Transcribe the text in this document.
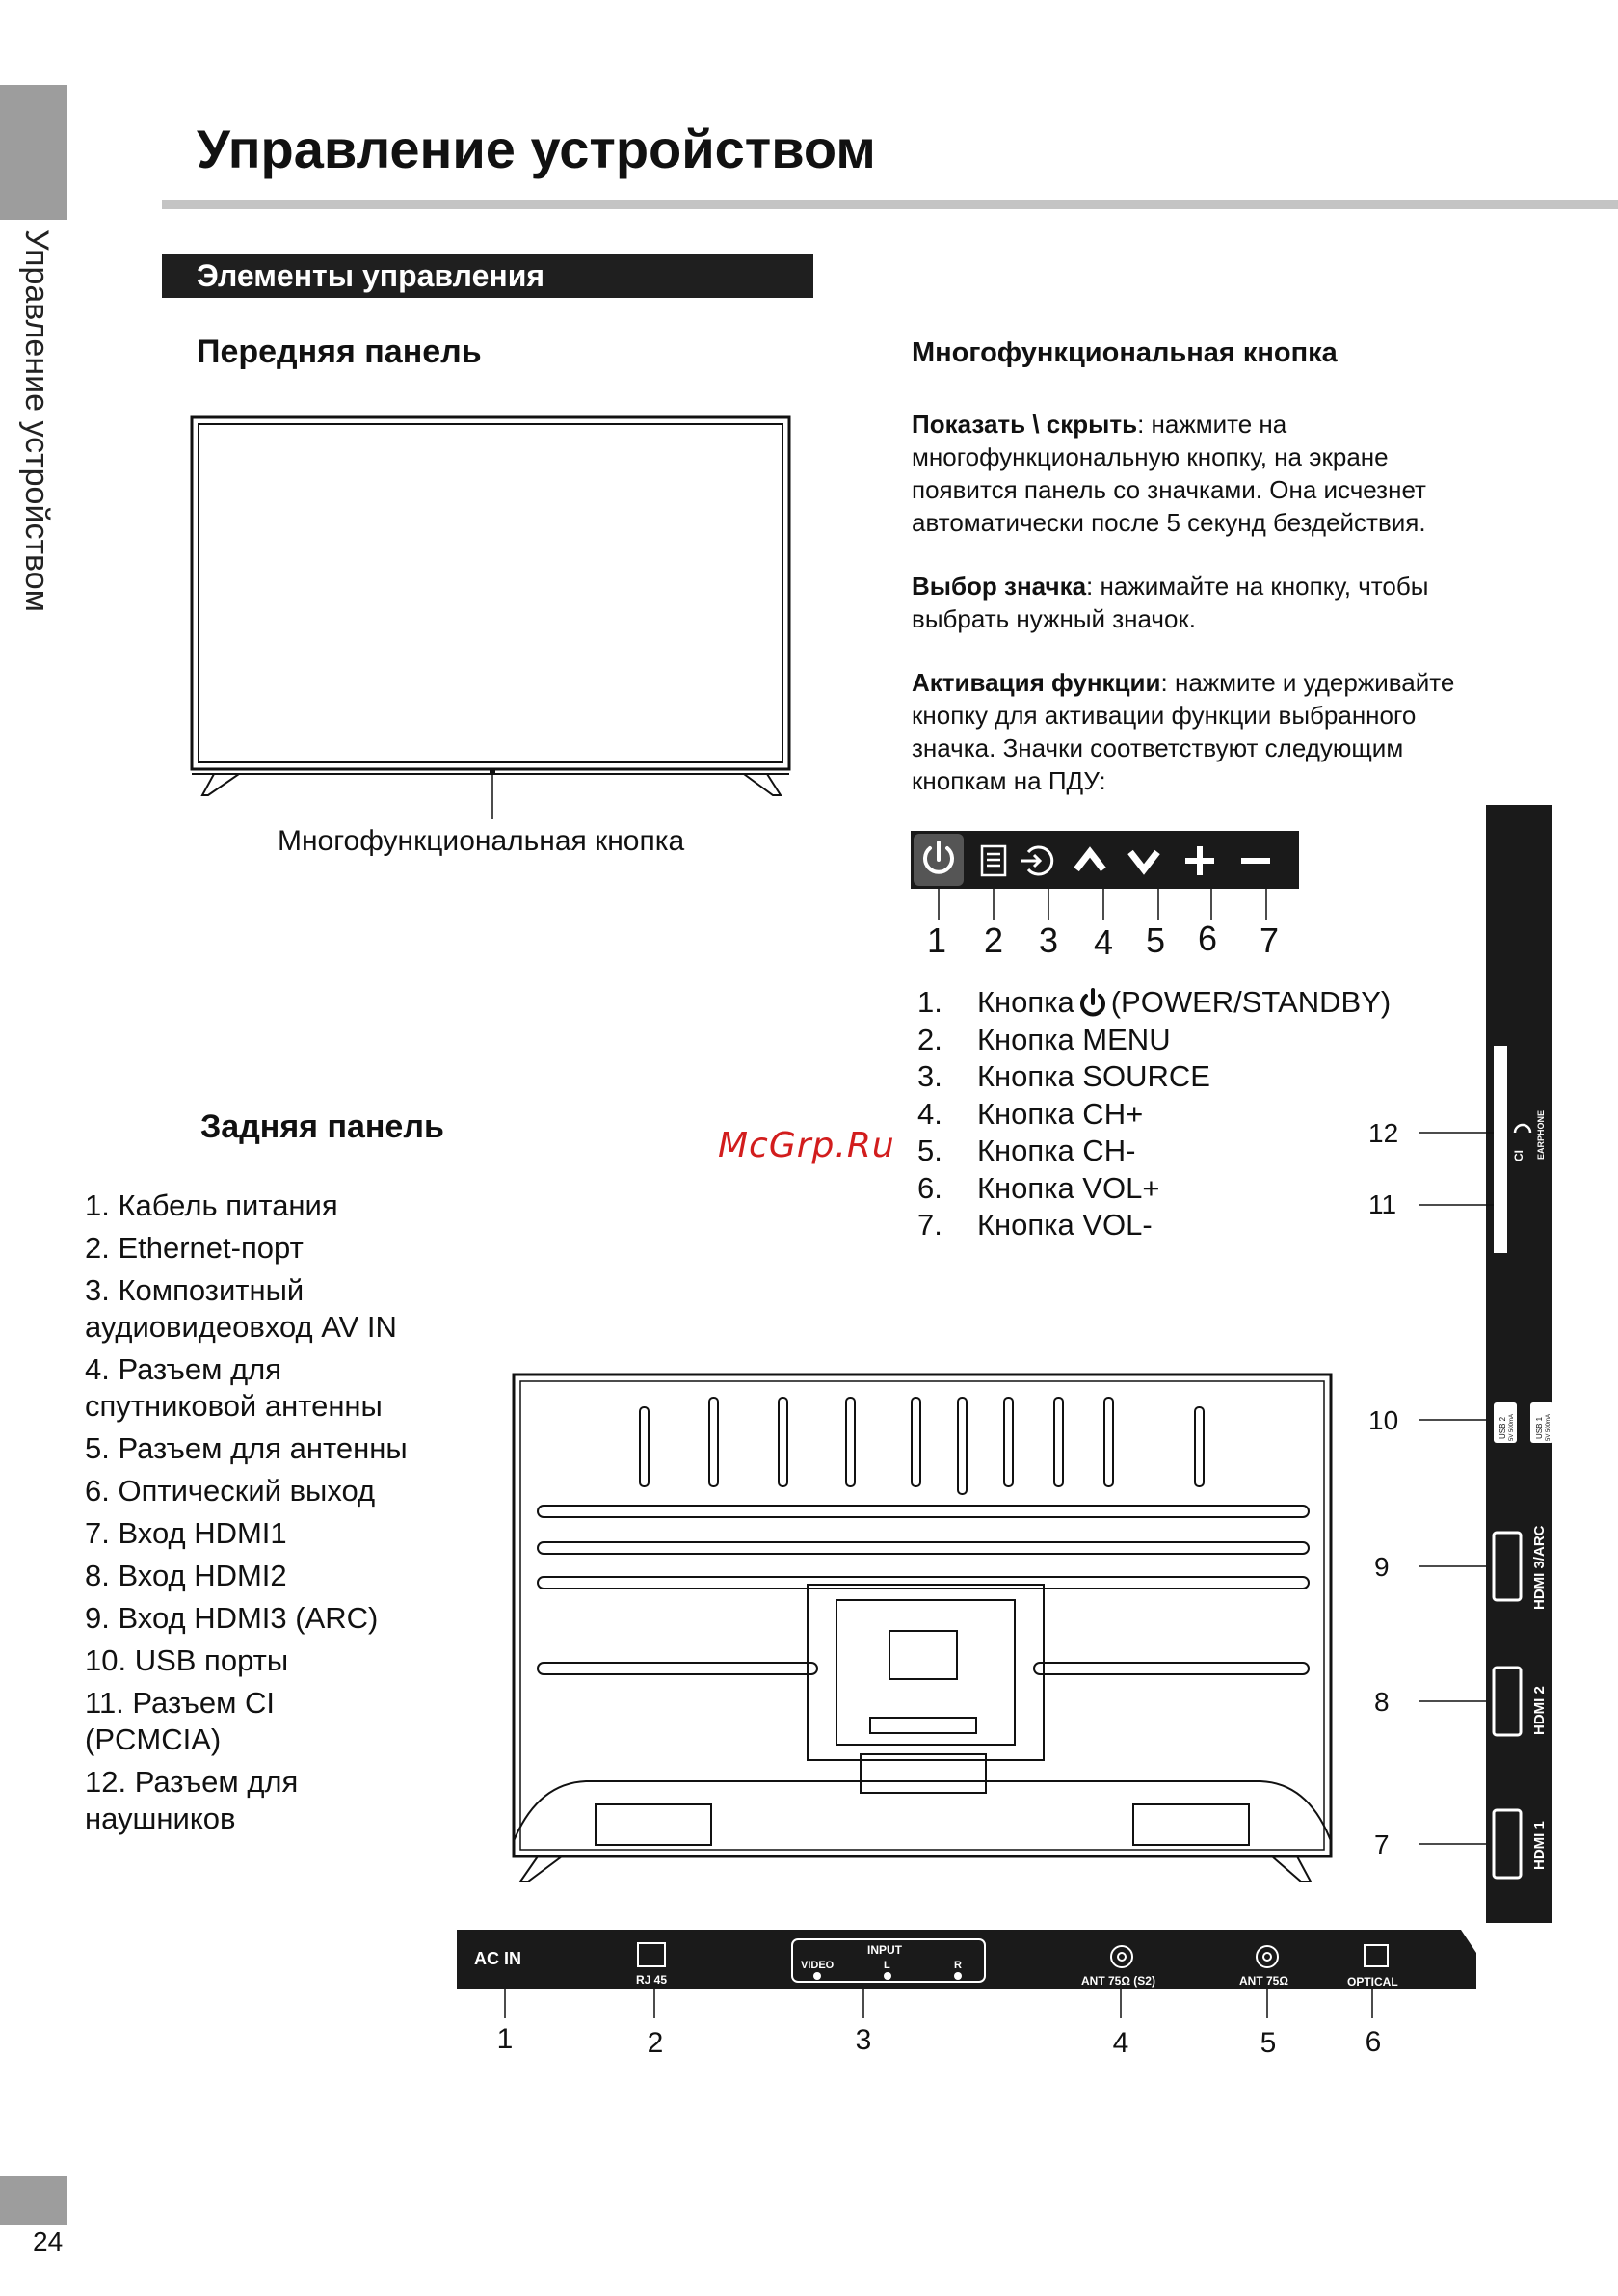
Управление устройством
24
Управление устройством
Элементы управления
Передняя панель
Многофункциональная кнопка
Многофункциональная кнопка
Показать \ скрыть: нажмите на
многофункциональную кнопку, на экране
появится панель со значками. Она исчезнет
автоматически после 5 секунд бездействия.
Выбор значка: нажимайте на кнопку, чтобы
выбрать нужный значок.
Активация функции: нажмите и удерживайте
кнопку для активации функции выбранного
значка. Значки соответствуют следующим
кнопкам на ПДУ:
1 2 3 4 5 6 7
1.	Кнопка (POWER/STANDBY)
2.	Кнопка MENU
3.	Кнопка SOURCE
4.	Кнопка CH+
5.	Кнопка CH-
6.	Кнопка VOL+
7.	Кнопка VOL-
McGrp.Ru
Задняя панель
1. Кабель питания
2. Ethernet-порт
3. Композитный аудиовидеовход AV IN
4. Разъем для спутниковой антенны
5. Разъем для антенны
6. Оптический выход
7. Вход HDMI1
8. Вход HDMI2
9. Вход HDMI3 (ARC)
10. USB порты
11. Разъем CI (PCMCIA)
12. Разъем для наушников
12
11
10
9
8
7
EARPHONE
CI
USB 2 5V 500mA	USB 1 5V 500mA
HDMI 3/ARC
HDMI 2
HDMI 1
AC IN
RJ 45
INPUT
VIDEO	L	R
ANT 75Ω (S2)	ANT 75Ω	OPTICAL
1	2	3	4	5	6
